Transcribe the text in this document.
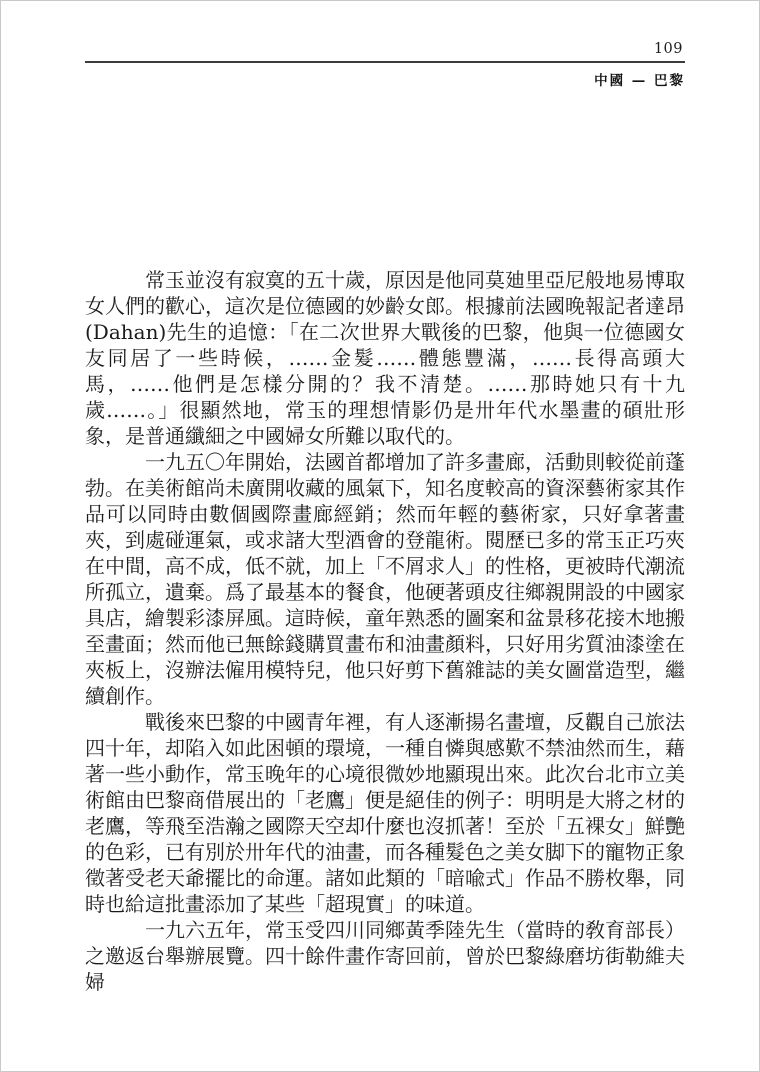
109
中國 — 巴黎

常玉並沒有寂寞的五十歲，原因是他同莫廸里亞尼般地易博取女人們的歡心，這次是位德國的妙齡女郎。根據前法國晚報記者達昂(Dahan)先生的追憶：「在二次世界大戰後的巴黎，他與一位德國女友同居了一些時候，……金髮……體態豐滿，……長得高頭大馬，……他們是怎樣分開的？我不清楚。……那時她只有十九歲……。」很顯然地，常玉的理想情影仍是卅年代水墨畫的碩壯形象，是普通纖細之中國婦女所難以取代的。

一九五〇年開始，法國首都增加了許多畫廊，活動則較從前蓬勃。在美術館尚未廣開收藏的風氣下，知名度較高的資深藝術家其作品可以同時由數個國際畫廊經銷；然而年輕的藝術家，只好拿著畫夾，到處碰運氣，或求諸大型酒會的登龍術。閱歷已多的常玉正巧夾在中間，高不成，低不就，加上「不屑求人」的性格，更被時代潮流所孤立，遺棄。爲了最基本的餐食，他硬著頭皮往鄉親開設的中國家具店，繪製彩漆屏風。這時候，童年熟悉的圖案和盆景移花接木地搬至畫面；然而他已無餘錢購買畫布和油畫顏料，只好用劣質油漆塗在夾板上，沒辦法僱用模特兒，他只好剪下舊雜誌的美女圖當造型，繼續創作。

戰後來巴黎的中國青年裡，有人逐漸揚名畫壇，反觀自己旅法四十年，却陷入如此困頓的環境，一種自憐與感歎不禁油然而生，藉著一些小動作，常玉晚年的心境很微妙地顯現出來。此次台北市立美術館由巴黎商借展出的「老鷹」便是絕佳的例子：明明是大將之材的老鷹，等飛至浩瀚之國際天空却什麼也沒抓著！至於「五裸女」鮮艷的色彩，已有別於卅年代的油畫，而各種髮色之美女脚下的寵物正象徵著受老天爺擺比的命運。諸如此類的「暗喩式」作品不勝枚舉，同時也給這批畫添加了某些「超現實」的味道。

一九六五年，常玉受四川同鄉黃季陸先生（當時的敎育部長）之邀返台舉辦展覽。四十餘件畫作寄回前，曾於巴黎綠磨坊街勒維夫婦
